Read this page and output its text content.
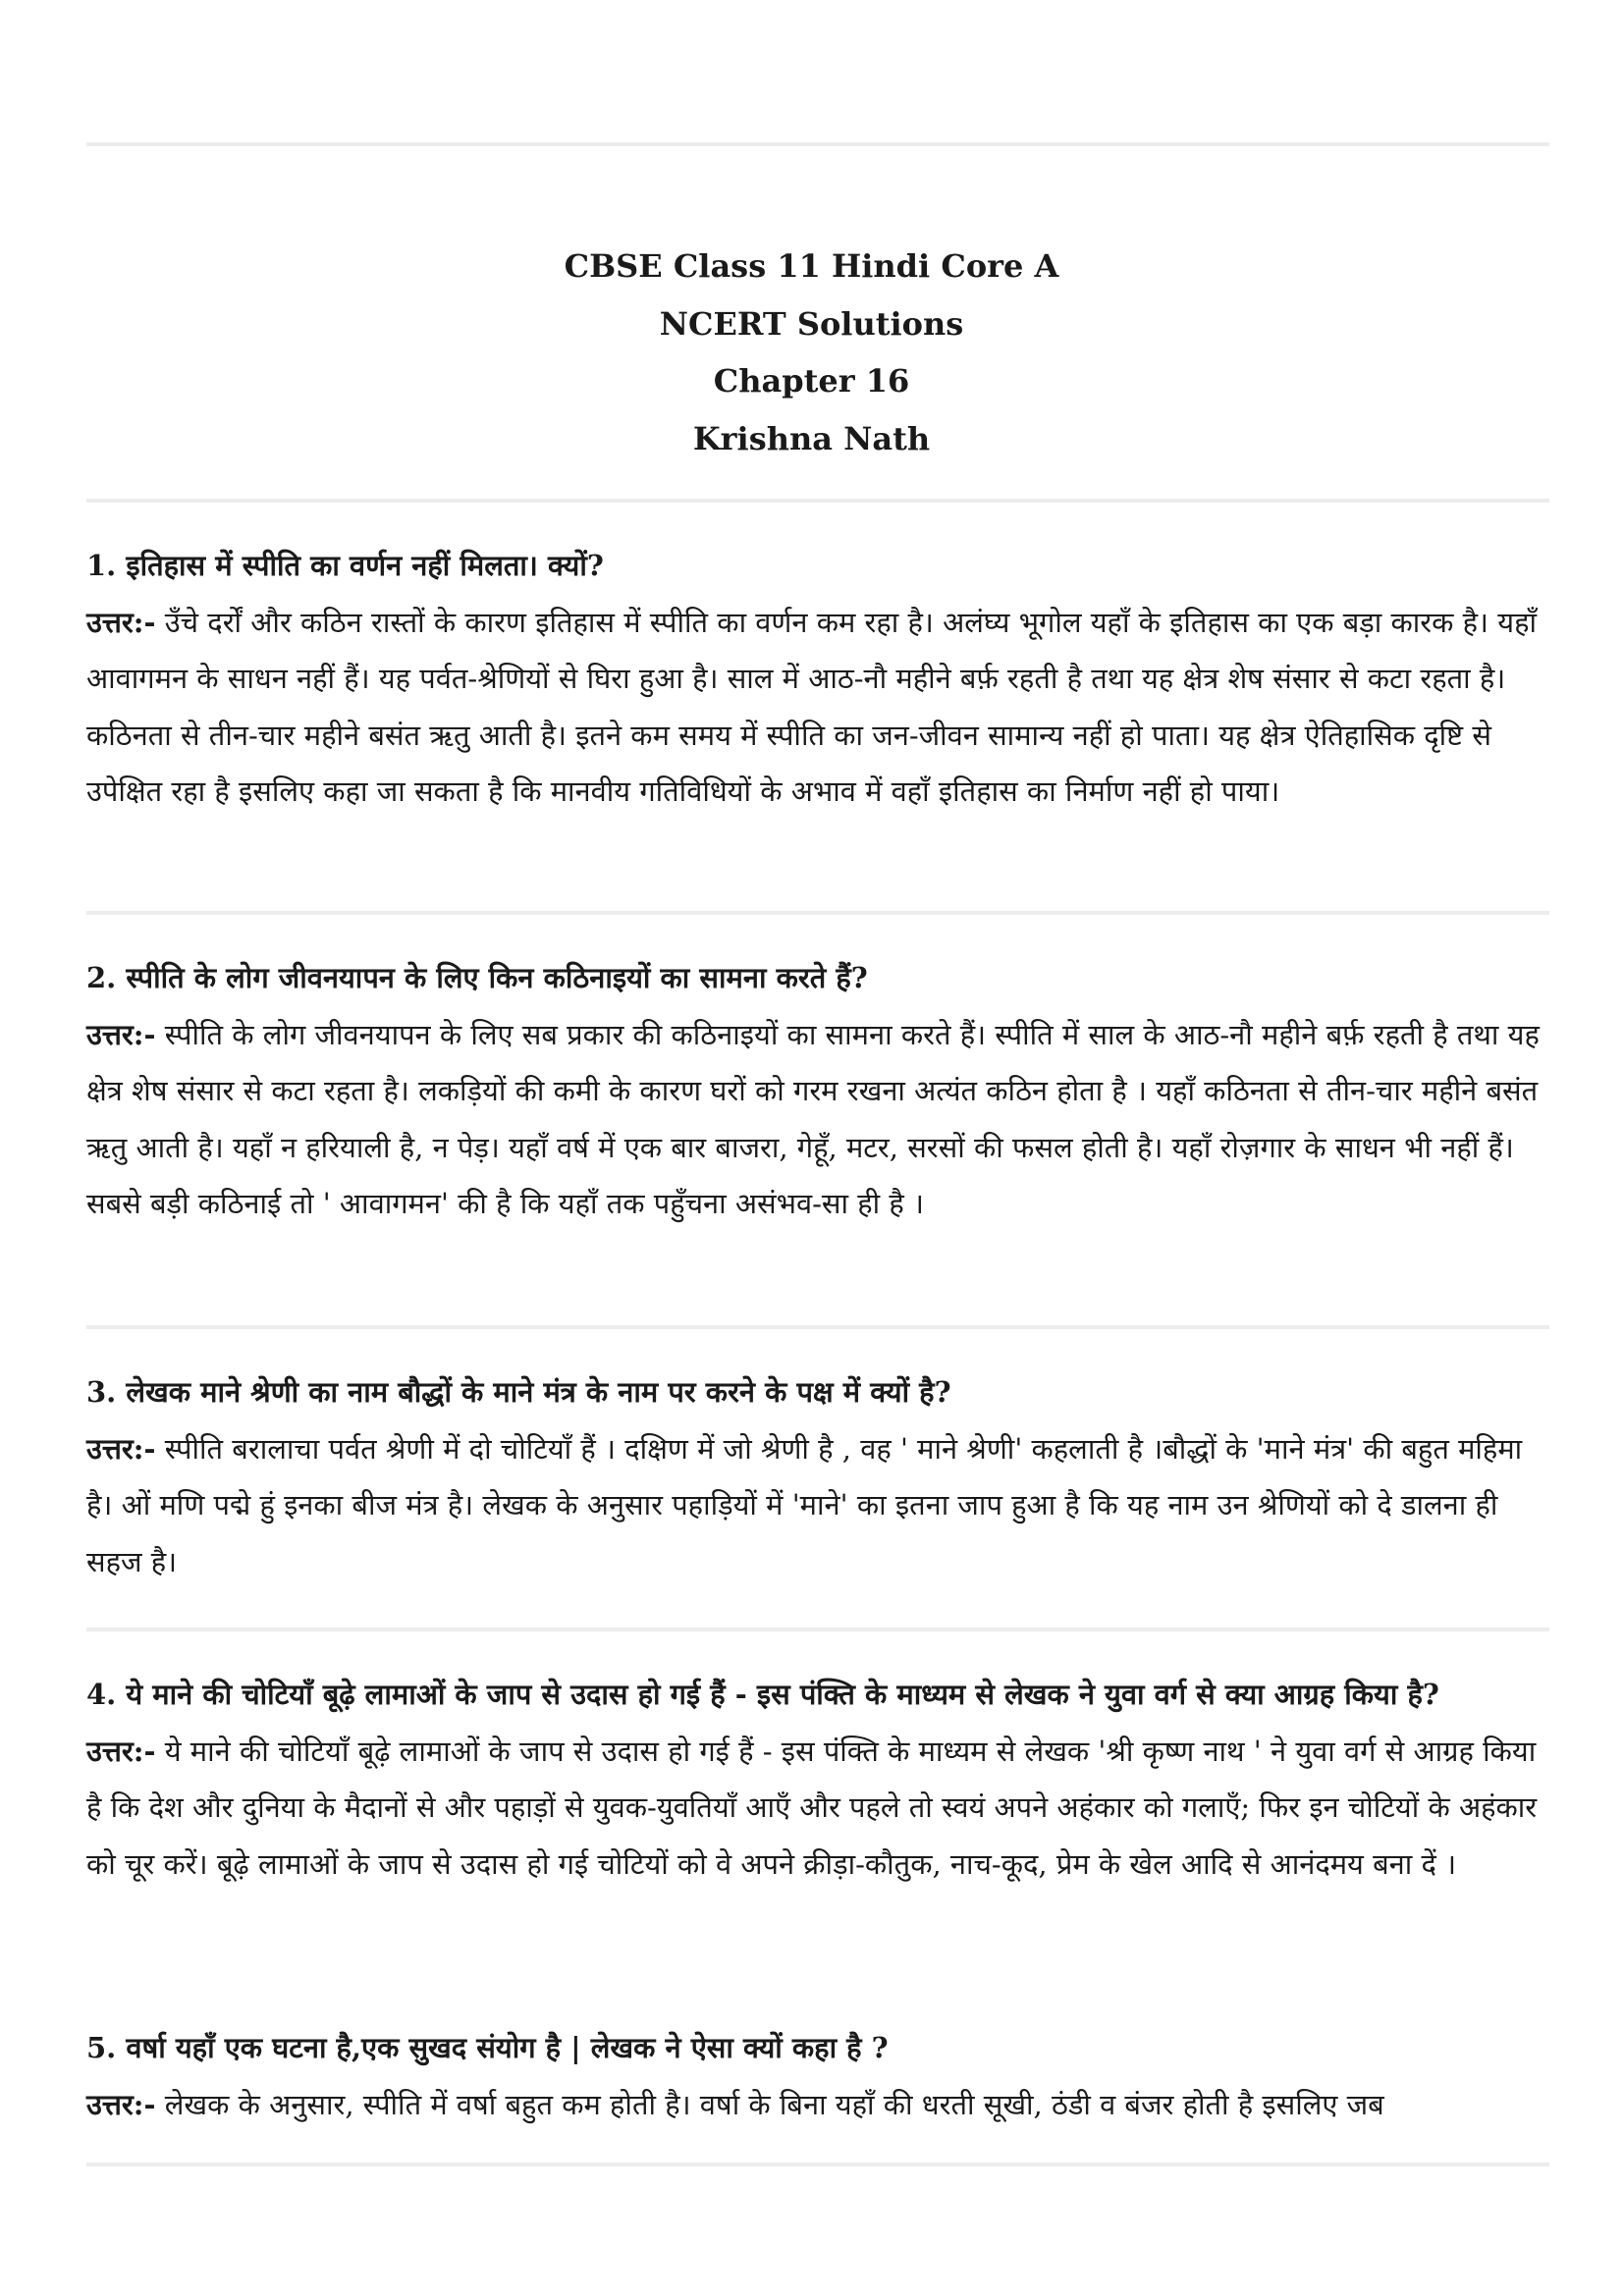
CBSE Class 11 Hindi Core A
NCERT Solutions
Chapter 16
Krishna Nath

1. इतिहास में स्पीति का वर्णन नहीं मिलता। क्यों?

उत्तर:- उँचे दर्रों और कठिन रास्तों के कारण इतिहास में स्पीति का वर्णन कम रहा है। अलंघ्य भूगोल यहाँ के इतिहास का एक बड़ा कारक है। यहाँ आवागमन के साधन नहीं हैं। यह पर्वत-श्रेणियों से घिरा हुआ है। साल में आठ-नौ महीने बर्फ़ रहती है तथा यह क्षेत्र शेष संसार से कटा रहता है। कठिनता से तीन-चार महीने बसंत ऋतु आती है। इतने कम समय में स्पीति का जन-जीवन सामान्य नहीं हो पाता। यह क्षेत्र ऐतिहासिक दृष्टि से उपेक्षित रहा है इसलिए कहा जा सकता है कि मानवीय गतिविधियों के अभाव में वहाँ इतिहास का निर्माण नहीं हो पाया।

2. स्पीति के लोग जीवनयापन के लिए किन कठिनाइयों का सामना करते हैं?

उत्तर:- स्पीति के लोग जीवनयापन के लिए सब प्रकार की कठिनाइयों का सामना करते हैं। स्पीति में साल के आठ-नौ महीने बर्फ़ रहती है तथा यह क्षेत्र शेष संसार से कटा रहता है। लकड़ियों की कमी के कारण घरों को गरम रखना अत्यंत कठिन होता है । यहाँ कठिनता से तीन-चार महीने बसंत ऋतु आती है। यहाँ न हरियाली है, न पेड़। यहाँ वर्ष में एक बार बाजरा, गेहूँ, मटर, सरसों की फसल होती है। यहाँ रोज़गार के साधन भी नहीं हैं। सबसे बड़ी कठिनाई तो ' आवागमन' की है कि यहाँ तक पहुँचना असंभव-सा ही है ।

3. लेखक माने श्रेणी का नाम बौद्धों के माने मंत्र के नाम पर करने के पक्ष में क्यों है?

उत्तर:- स्पीति बरालाचा पर्वत श्रेणी में दो चोटियाँ हैं । दक्षिण में जो श्रेणी है , वह ' माने श्रेणी' कहलाती है ।बौद्धों के 'माने मंत्र' की बहुत महिमा है। ओं मणि पद्मे हुं इनका बीज मंत्र है। लेखक के अनुसार पहाड़ियों में 'माने' का इतना जाप हुआ है कि यह नाम उन श्रेणियों को दे डालना ही सहज है।

4. ये माने की चोटियाँ बूढ़े लामाओं के जाप से उदास हो गई हैं - इस पंक्ति के माध्यम से लेखक ने युवा वर्ग से क्या आग्रह किया है?

उत्तर:- ये माने की चोटियाँ बूढ़े लामाओं के जाप से उदास हो गई हैं - इस पंक्ति के माध्यम से लेखक 'श्री कृष्ण नाथ ' ने युवा वर्ग से आग्रह किया है कि देश और दुनिया के मैदानों से और पहाड़ों से युवक-युवतियाँ आएँ और पहले तो स्वयं अपने अहंकार को गलाएँ; फिर इन चोटियों के अहंकार को चूर करें। बूढ़े लामाओं के जाप से उदास हो गई चोटियों को वे अपने क्रीड़ा-कौतुक, नाच-कूद, प्रेम के खेल आदि से आनंदमय बना दें ।

5. वर्षा यहाँ एक घटना है,एक सुखद संयोग है | लेखक ने ऐसा क्यों कहा है ?

उत्तर:- लेखक के अनुसार, स्पीति में वर्षा बहुत कम होती है। वर्षा के बिना यहाँ की धरती सूखी, ठंडी व बंजर होती है इसलिए जब
